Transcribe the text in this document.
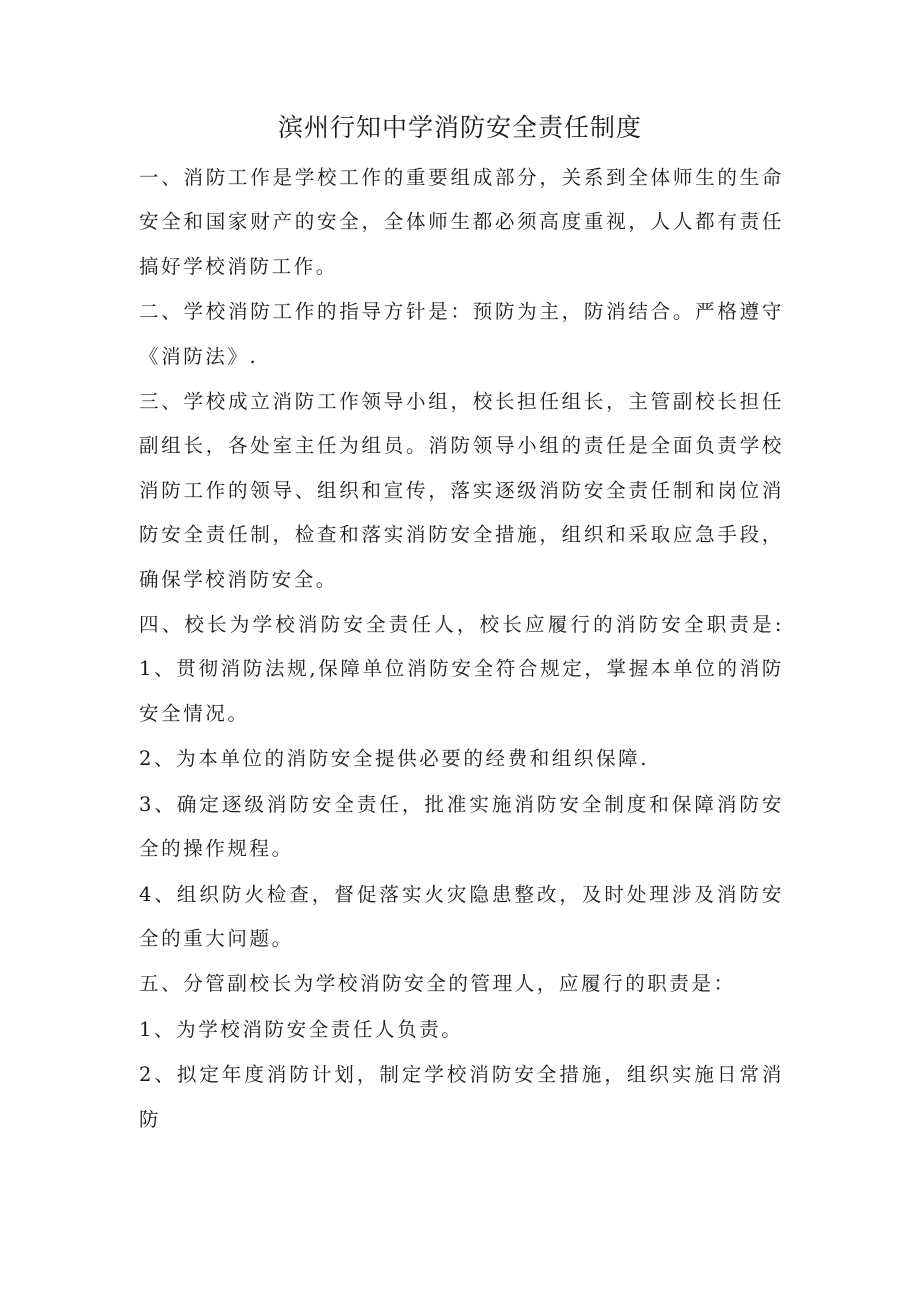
滨州行知中学消防安全责任制度

一、消防工作是学校工作的重要组成部分，关系到全体师生的生命安全和国家财产的安全，全体师生都必须高度重视，人人都有责任搞好学校消防工作。

二、学校消防工作的指导方针是：预防为主，防消结合。严格遵守《消防法》.

三、学校成立消防工作领导小组，校长担任组长，主管副校长担任副组长，各处室主任为组员。消防领导小组的责任是全面负责学校消防工作的领导、组织和宣传，落实逐级消防安全责任制和岗位消防安全责任制，检查和落实消防安全措施，组织和采取应急手段，确保学校消防安全。

四、校长为学校消防安全责任人，校长应履行的消防安全职责是:1、贯彻消防法规,保障单位消防安全符合规定，掌握本单位的消防安全情况。

2、为本单位的消防安全提供必要的经费和组织保障.

3、确定逐级消防安全责任，批准实施消防安全制度和保障消防安全的操作规程。

4、组织防火检查，督促落实火灾隐患整改，及时处理涉及消防安全的重大问题。

五、分管副校长为学校消防安全的管理人，应履行的职责是：

1、为学校消防安全责任人负责。

2、拟定年度消防计划，制定学校消防安全措施，组织实施日常消防
